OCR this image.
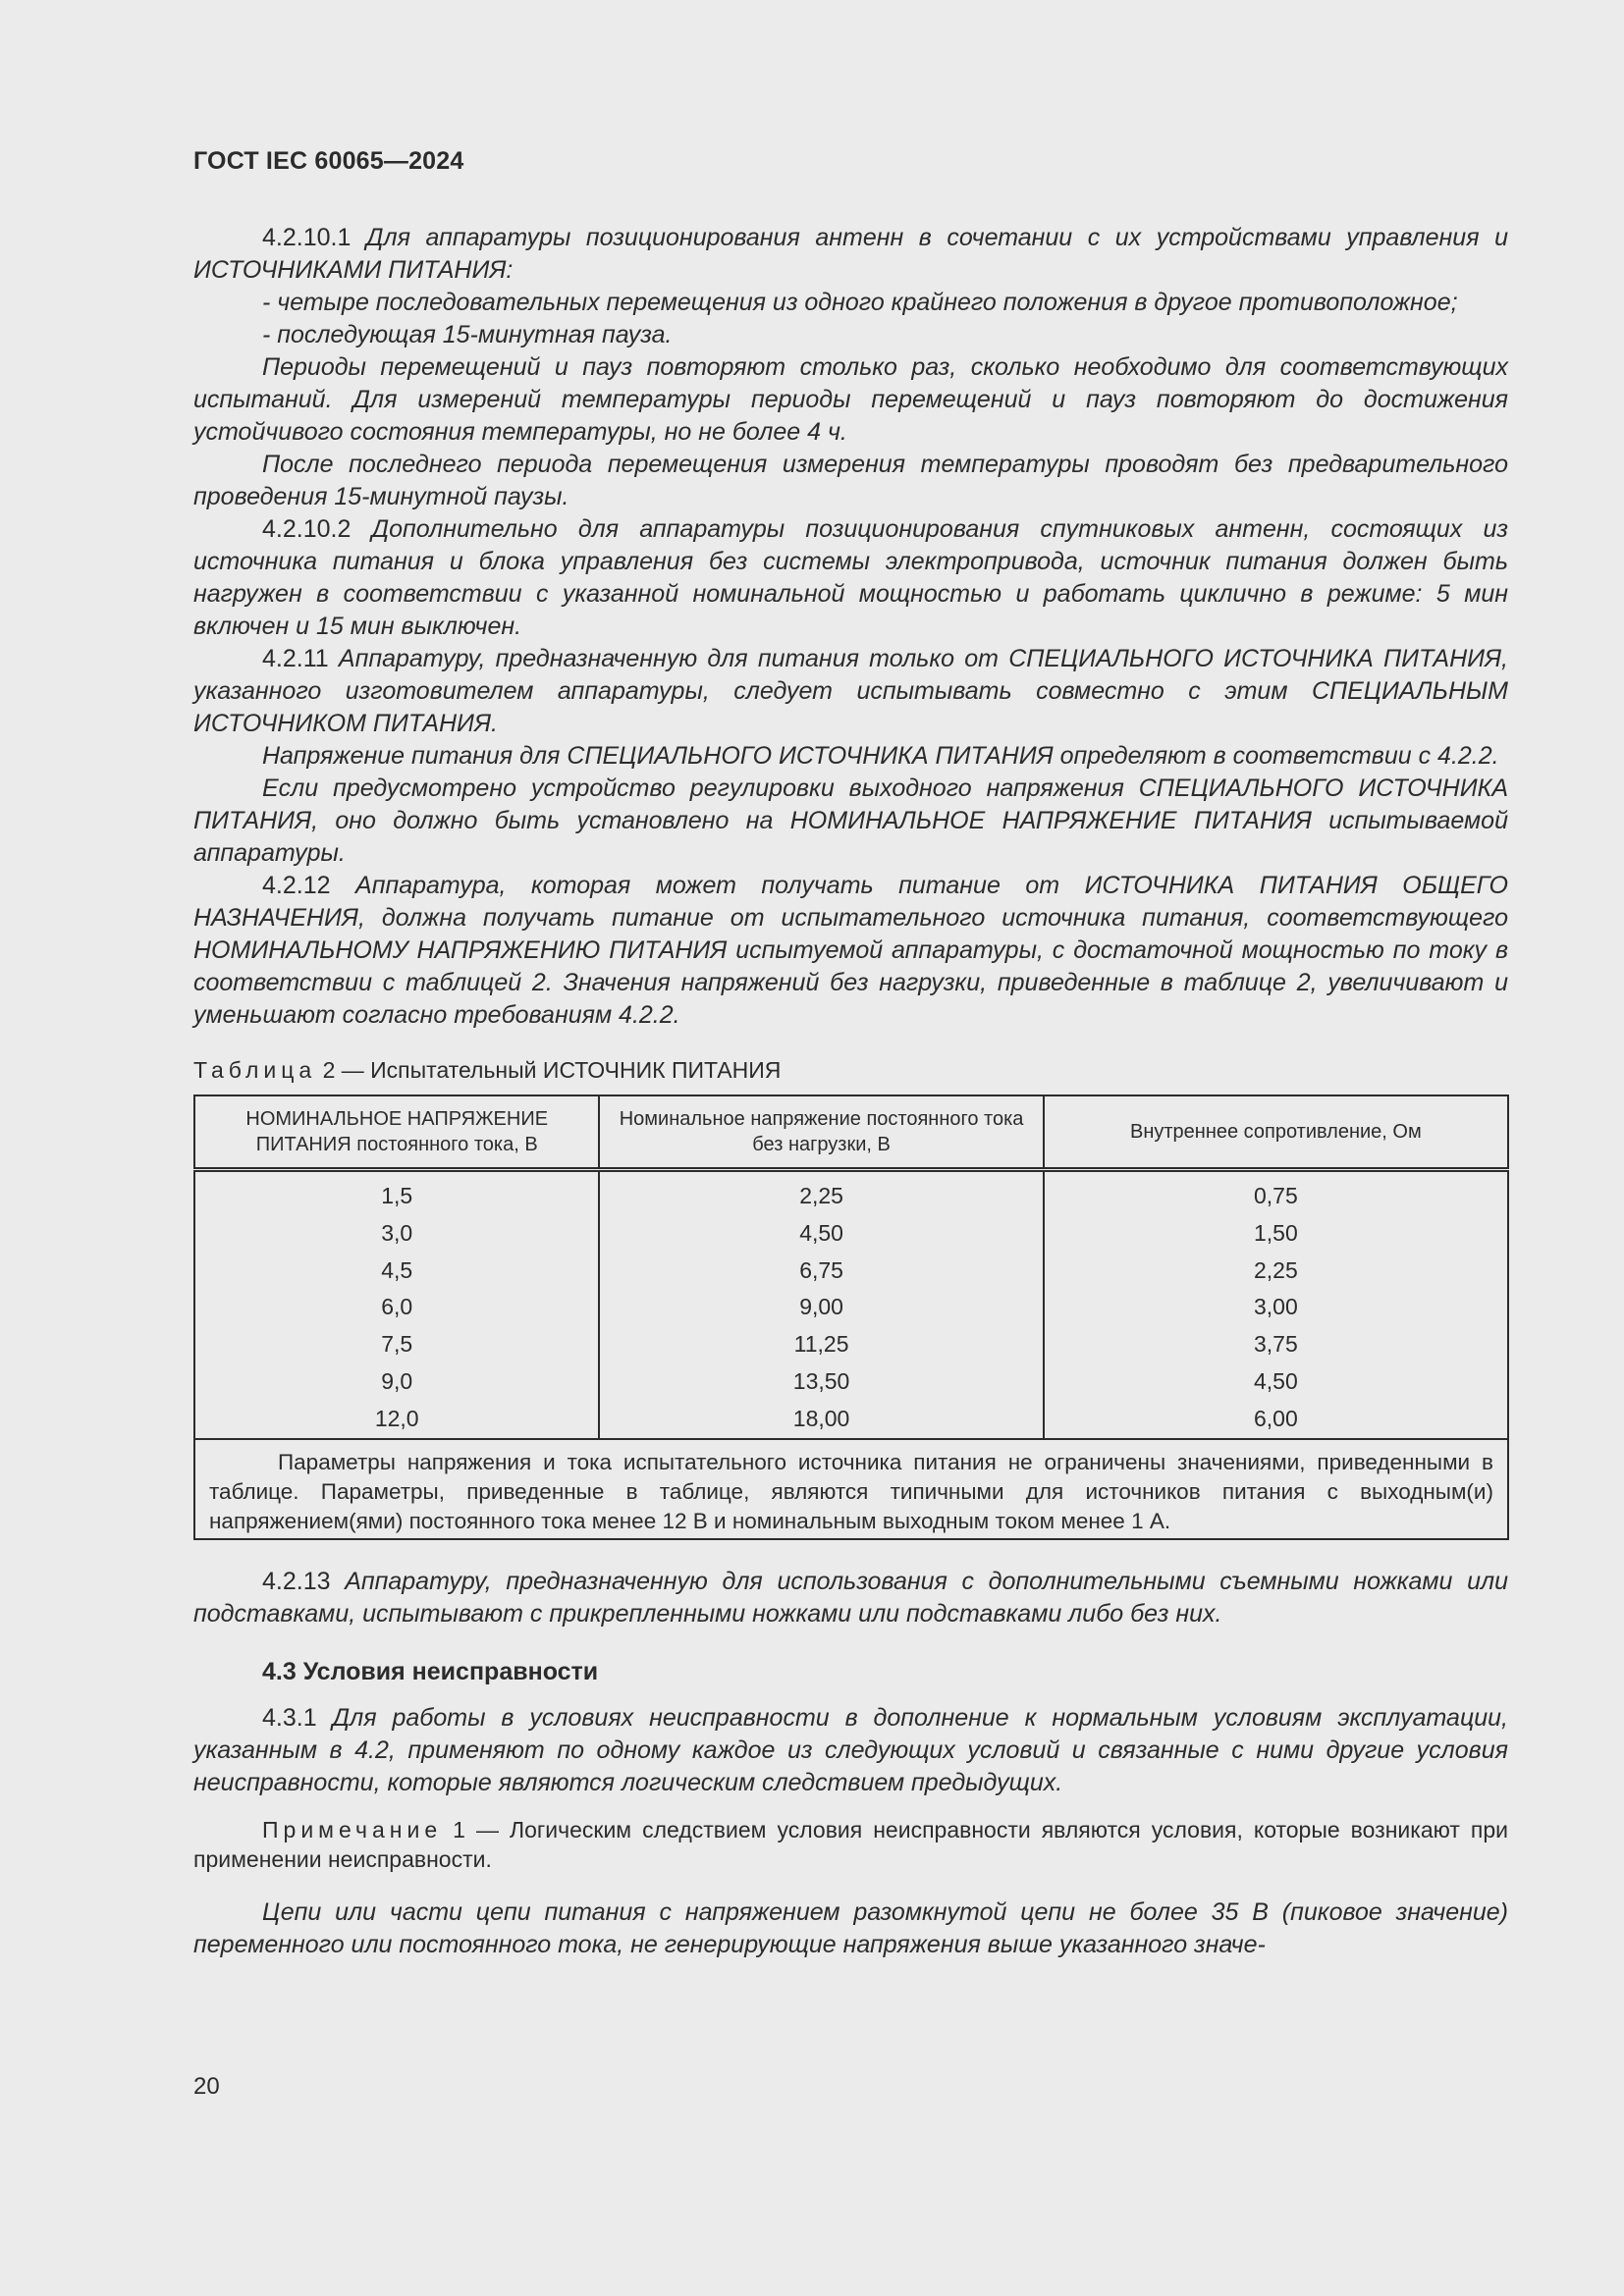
ГОСТ IEC 60065—2024

4.2.10.1 Для аппаратуры позиционирования антенн в сочетании с их устройствами управления и ИСТОЧНИКАМИ ПИТАНИЯ:

- четыре последовательных перемещения из одного крайнего положения в другое противоположное;

- последующая 15-минутная пауза.

Периоды перемещений и пауз повторяют столько раз, сколько необходимо для соответствующих испытаний. Для измерений температуры периоды перемещений и пауз повторяют до достижения устойчивого состояния температуры, но не более 4 ч.

После последнего периода перемещения измерения температуры проводят без предварительного проведения 15-минутной паузы.

4.2.10.2 Дополнительно для аппаратуры позиционирования спутниковых антенн, состоящих из источника питания и блока управления без системы электропривода, источник питания должен быть нагружен в соответствии с указанной номинальной мощностью и работать циклично в режиме: 5 мин включен и 15 мин выключен.

4.2.11 Аппаратуру, предназначенную для питания только от СПЕЦИАЛЬНОГО ИСТОЧНИКА ПИТАНИЯ, указанного изготовителем аппаратуры, следует испытывать совместно с этим СПЕЦИАЛЬНЫМ ИСТОЧНИКОМ ПИТАНИЯ.

Напряжение питания для СПЕЦИАЛЬНОГО ИСТОЧНИКА ПИТАНИЯ определяют в соответствии с 4.2.2.

Если предусмотрено устройство регулировки выходного напряжения СПЕЦИАЛЬНОГО ИСТОЧНИКА ПИТАНИЯ, оно должно быть установлено на НОМИНАЛЬНОЕ НАПРЯЖЕНИЕ ПИТАНИЯ испытываемой аппаратуры.

4.2.12 Аппаратура, которая может получать питание от ИСТОЧНИКА ПИТАНИЯ ОБЩЕГО НАЗНАЧЕНИЯ, должна получать питание от испытательного источника питания, соответствующего НОМИНАЛЬНОМУ НАПРЯЖЕНИЮ ПИТАНИЯ испытуемой аппаратуры, с достаточной мощностью по току в соответствии с таблицей 2. Значения напряжений без нагрузки, приведенные в таблице 2, увеличивают и уменьшают согласно требованиям 4.2.2.

Таблица 2 — Испытательный ИСТОЧНИК ПИТАНИЯ
НОМИНАЛЬНОЕ НАПРЯЖЕНИЕ ПИТАНИЯ постоянного тока, В	Номинальное напряжение постоянного тока без нагрузки, В	Внутреннее сопротивление, Ом
1,5	2,25	0,75
3,0	4,50	1,50
4,5	6,75	2,25
6,0	9,00	3,00
7,5	11,25	3,75
9,0	13,50	4,50
12,0	18,00	6,00
Параметры напряжения и тока испытательного источника питания не ограничены значениями, приведенными в таблице. Параметры, приведенные в таблице, являются типичными для источников питания с выходным(и) напряжением(ями) постоянного тока менее 12 В и номинальным выходным током менее 1 А.		

4.2.13 Аппаратуру, предназначенную для использования с дополнительными съемными ножками или подставками, испытывают с прикрепленными ножками или подставками либо без них.

4.3 Условия неисправности

4.3.1 Для работы в условиях неисправности в дополнение к нормальным условиям эксплуатации, указанным в 4.2, применяют по одному каждое из следующих условий и связанные с ними другие условия неисправности, которые являются логическим следствием предыдущих.

Примечание 1 — Логическим следствием условия неисправности являются условия, которые возникают при применении неисправности.

Цепи или части цепи питания с напряжением разомкнутой цепи не более 35 В (пиковое значение) переменного или постоянного тока, не генерирующие напряжения выше указанного значе-

20
